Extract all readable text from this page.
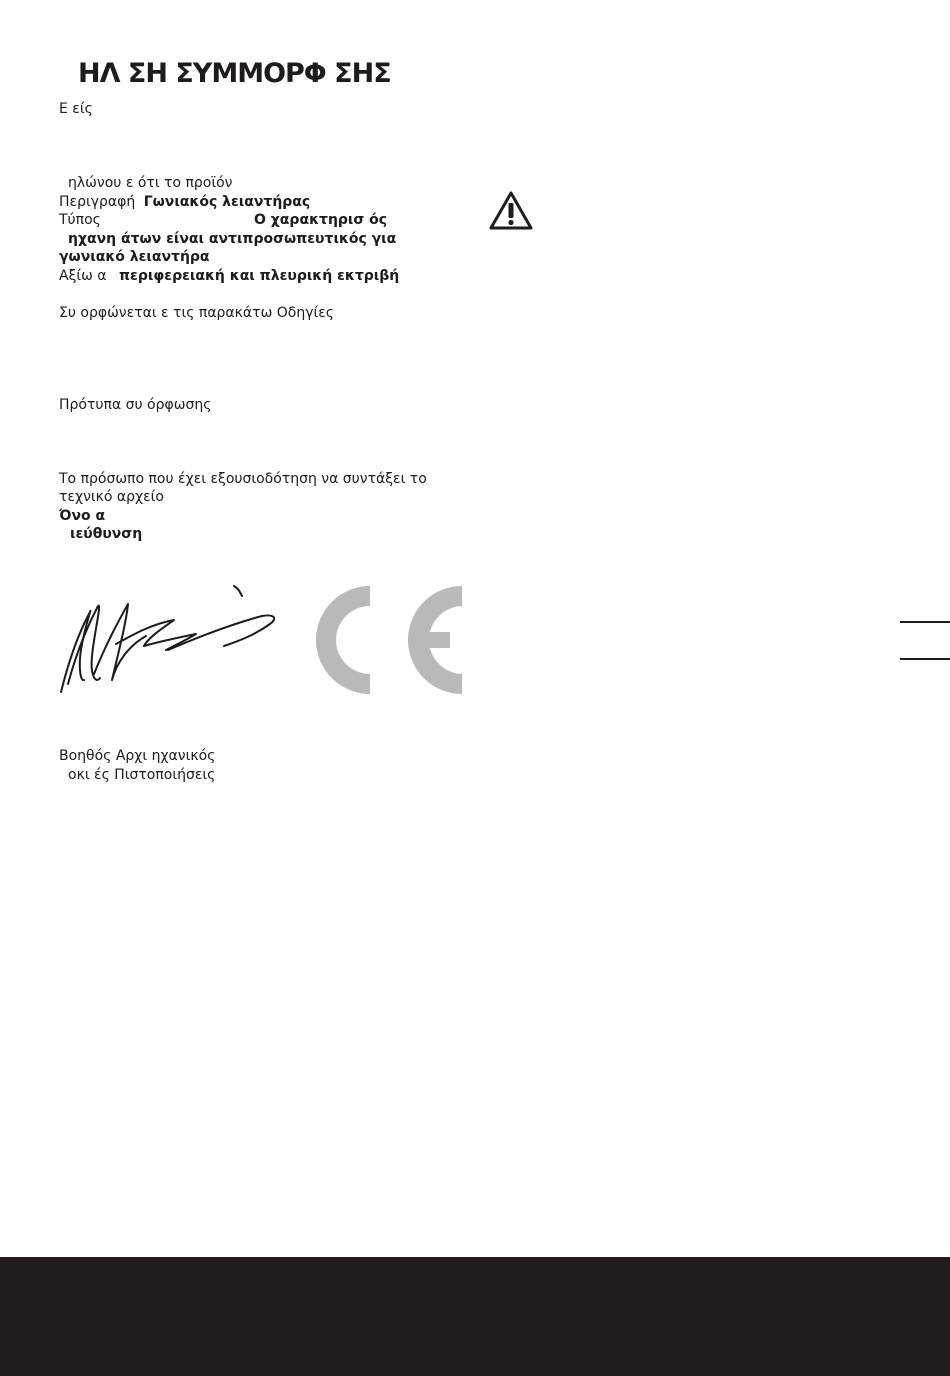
ΗΛ ΣΗ ΣΥΜΜΟΡΦ ΣΗΣ
Ε είς
ηλώνου ε ότι το προϊόν
Περιγραφή Γωνιακός λειαντήρας
Τύπος	Ο χαρακτηρισ ός
ηχανη άτων είναι αντιπροσωπευτικός για
γωνιακό λειαντήρα
Αξίω α περιφερειακή και πλευρική εκτριβή
Συ ορφώνεται ε τις παρακάτω Οδηγίες
Πρότυπα συ όρφωσης
Το πρόσωπο που έχει εξουσιοδότηση να συντάξει το
τεχνικό αρχείο
Όνο α
ιεύθυνση
Βοηθός Αρχι ηχανικός
οκι ές Πιστοποιήσεις
